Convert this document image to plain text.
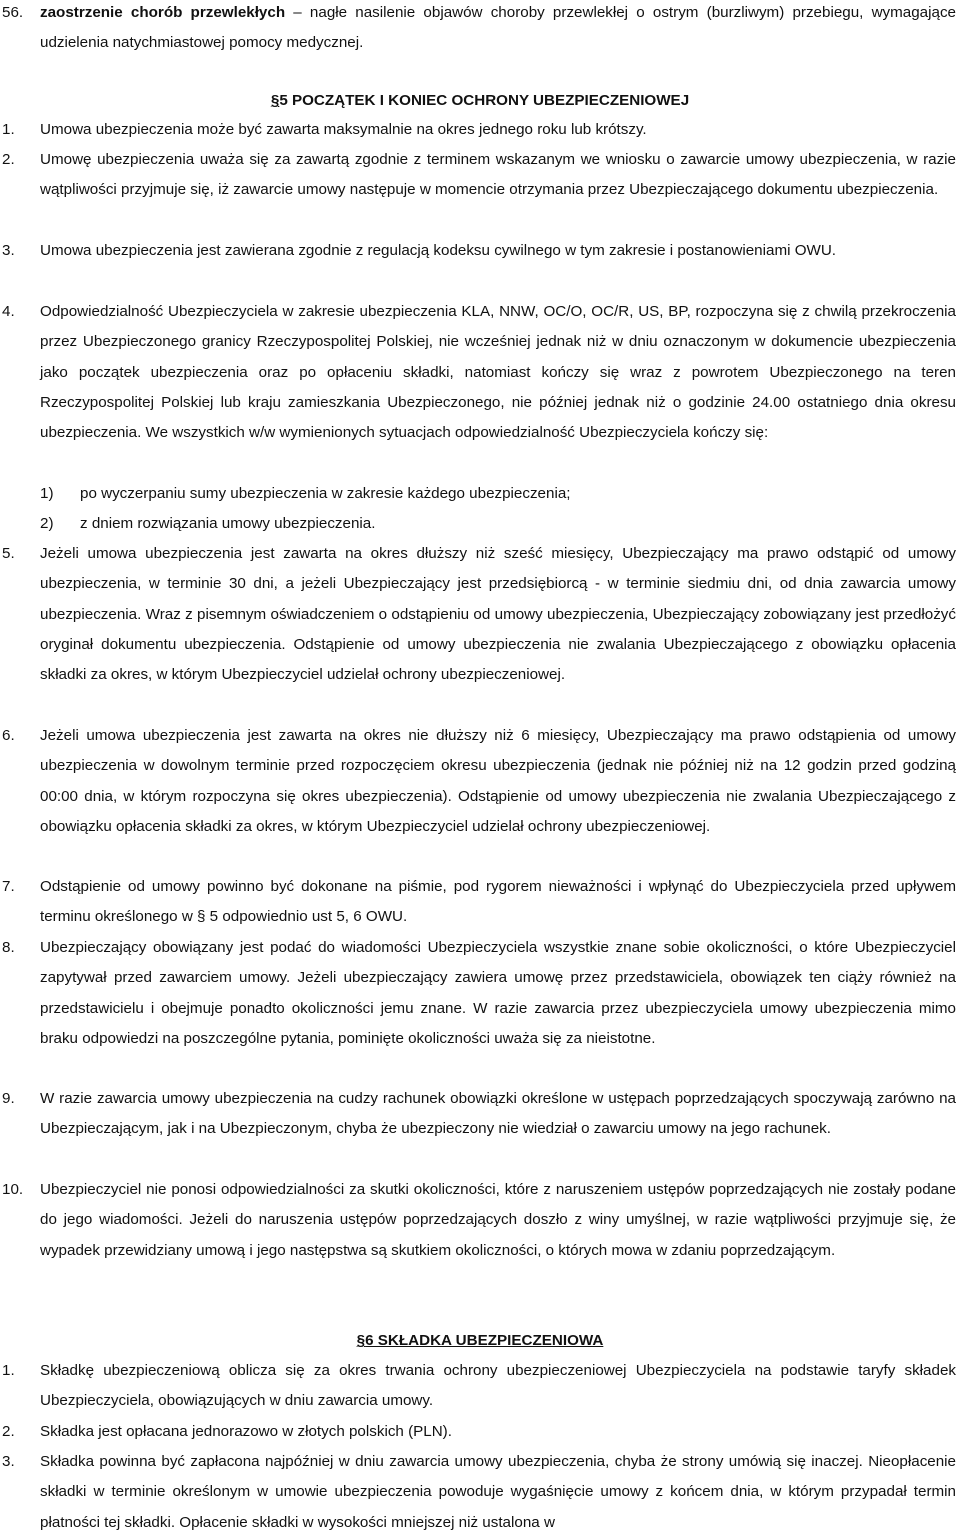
56. zaostrzenie chorób przewlekłych – nagłe nasilenie objawów choroby przewlekłej o ostrym (burzliwym) przebiegu, wymagające udzielenia natychmiastowej pomocy medycznej.
§5 POCZĄTEK I KONIEC OCHRONY UBEZPIECZENIOWEJ
1. Umowa ubezpieczenia może być zawarta maksymalnie na okres jednego roku lub krótszy.
2. Umowę ubezpieczenia uważa się za zawartą zgodnie z terminem wskazanym we wniosku o zawarcie umowy ubezpieczenia, w razie wątpliwości przyjmuje się, iż zawarcie umowy następuje w momencie otrzymania przez Ubezpieczającego dokumentu ubezpieczenia.
3. Umowa ubezpieczenia jest zawierana zgodnie z regulacją kodeksu cywilnego w tym zakresie i postanowieniami OWU.
4. Odpowiedzialność Ubezpieczyciela w zakresie ubezpieczenia KLA, NNW, OC/O, OC/R, US, BP, rozpoczyna się z chwilą przekroczenia przez Ubezpieczonego granicy Rzeczypospolitej Polskiej, nie wcześniej jednak niż w dniu oznaczonym w dokumencie ubezpieczenia jako początek ubezpieczenia oraz po opłaceniu składki, natomiast kończy się wraz z powrotem Ubezpieczonego na teren Rzeczypospolitej Polskiej lub kraju zamieszkania Ubezpieczonego, nie później jednak niż o godzinie 24.00 ostatniego dnia okresu ubezpieczenia. We wszystkich w/w wymienionych sytuacjach odpowiedzialność Ubezpieczyciela kończy się:
1) po wyczerpaniu sumy ubezpieczenia w zakresie każdego ubezpieczenia;
2) z dniem rozwiązania umowy ubezpieczenia.
5. Jeżeli umowa ubezpieczenia jest zawarta na okres dłuższy niż sześć miesięcy, Ubezpieczający ma prawo odstąpić od umowy ubezpieczenia, w terminie 30 dni, a jeżeli Ubezpieczający jest przedsiębiorcą - w terminie siedmiu dni, od dnia zawarcia umowy ubezpieczenia. Wraz z pisemnym oświadczeniem o odstąpieniu od umowy ubezpieczenia, Ubezpieczający zobowiązany jest przedłożyć oryginał dokumentu ubezpieczenia. Odstąpienie od umowy ubezpieczenia nie zwalania Ubezpieczającego z obowiązku opłacenia składki za okres, w którym Ubezpieczyciel udzielał ochrony ubezpieczeniowej.
6. Jeżeli umowa ubezpieczenia jest zawarta na okres nie dłuższy niż 6 miesięcy, Ubezpieczający ma prawo odstąpienia od umowy ubezpieczenia w dowolnym terminie przed rozpoczęciem okresu ubezpieczenia (jednak nie później niż na 12 godzin przed godziną 00:00 dnia, w którym rozpoczyna się okres ubezpieczenia). Odstąpienie od umowy ubezpieczenia nie zwalania Ubezpieczającego z obowiązku opłacenia składki za okres, w którym Ubezpieczyciel udzielał ochrony ubezpieczeniowej.
7. Odstąpienie od umowy powinno być dokonane na piśmie, pod rygorem nieważności i wpłynąć do Ubezpieczyciela przed upływem terminu określonego w § 5 odpowiednio ust 5, 6 OWU.
8. Ubezpieczający obowiązany jest podać do wiadomości Ubezpieczyciela wszystkie znane sobie okoliczności, o które Ubezpieczyciel zapytywał przed zawarciem umowy. Jeżeli ubezpieczający zawiera umowę przez przedstawiciela, obowiązek ten ciąży również na przedstawicielu i obejmuje ponadto okoliczności jemu znane. W razie zawarcia przez ubezpieczyciela umowy ubezpieczenia mimo braku odpowiedzi na poszczególne pytania, pominięte okoliczności uważa się za nieistotne.
9. W razie zawarcia umowy ubezpieczenia na cudzy rachunek obowiązki określone w ustępach poprzedzających spoczywają zarówno na Ubezpieczającym, jak i na Ubezpieczonym, chyba że ubezpieczony nie wiedział o zawarciu umowy na jego rachunek.
10. Ubezpieczyciel nie ponosi odpowiedzialności za skutki okoliczności, które z naruszeniem ustępów poprzedzających nie zostały podane do jego wiadomości. Jeżeli do naruszenia ustępów poprzedzających doszło z winy umyślnej, w razie wątpliwości przyjmuje się, że wypadek przewidziany umową i jego następstwa są skutkiem okoliczności, o których mowa w zdaniu poprzedzającym.
§6 SKŁADKA UBEZPIECZENIOWA
1. Składkę ubezpieczeniową oblicza się za okres trwania ochrony ubezpieczeniowej Ubezpieczyciela na podstawie taryfy składek Ubezpieczyciela, obowiązujących w dniu zawarcia umowy.
2. Składka jest opłacana jednorazowo w złotych polskich (PLN).
3. Składka powinna być zapłacona najpóźniej w dniu zawarcia umowy ubezpieczenia, chyba że strony umówią się inaczej. Nieopłacenie składki w terminie określonym w umowie ubezpieczenia powoduje wygaśnięcie umowy z końcem dnia, w którym przypadał termin płatności tej składki. Opłacenie składki w wysokości mniejszej niż ustalona w
